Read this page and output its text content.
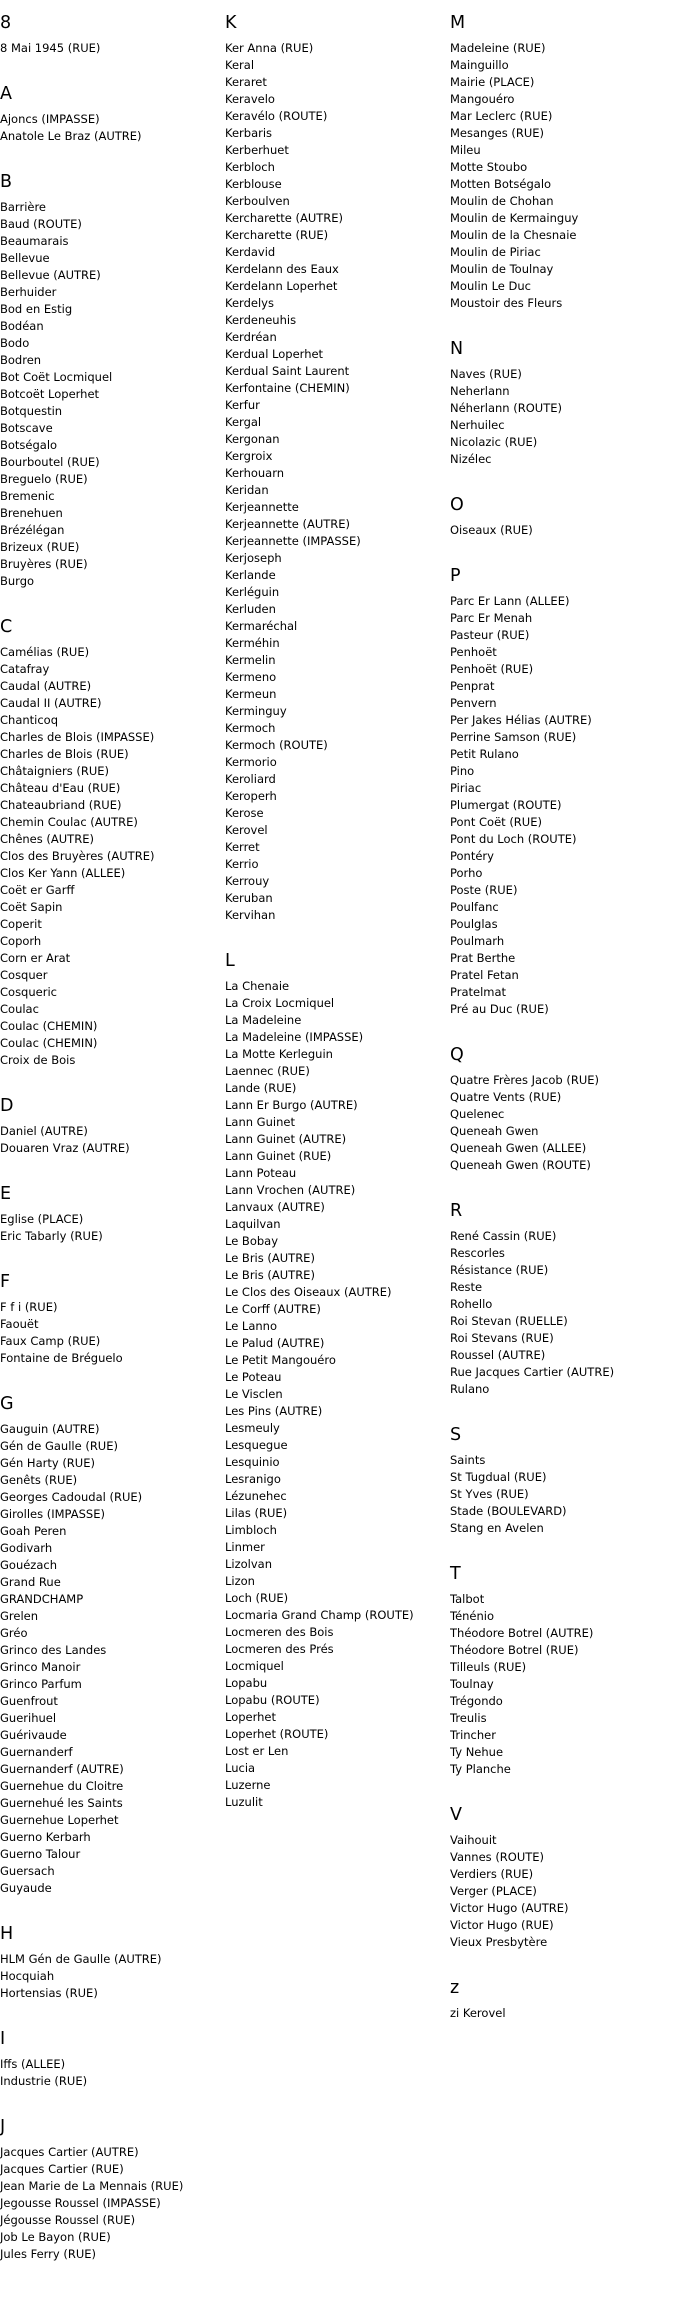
8
8 Mai 1945 (RUE)
A
Ajoncs (IMPASSE)
Anatole Le Braz (AUTRE)
B
Barrière
Baud (ROUTE)
Beaumarais
Bellevue
Bellevue (AUTRE)
Berhuider
Bod en Estig
Bodéan
Bodo
Bodren
Bot Coët Locmiquel
Botcoët Loperhet
Botquestin
Botscave
Botségalo
Bourboutel (RUE)
Breguelo (RUE)
Bremenic
Brenehuen
Brézélégan
Brizeux (RUE)
Bruyères (RUE)
Burgo
C
Camélias (RUE)
Catafray
Caudal (AUTRE)
Caudal II (AUTRE)
Chanticoq
Charles de Blois (IMPASSE)
Charles de Blois (RUE)
Châtaigniers (RUE)
Château d'Eau (RUE)
Chateaubriand (RUE)
Chemin Coulac (AUTRE)
Chênes (AUTRE)
Clos des Bruyères (AUTRE)
Clos Ker Yann (ALLEE)
Coët er Garff
Coët Sapin
Coperit
Coporh
Corn er Arat
Cosquer
Cosqueric
Coulac
Coulac (CHEMIN)
Coulac (CHEMIN)
Croix de Bois
D
Daniel (AUTRE)
Douaren Vraz (AUTRE)
E
Eglise (PLACE)
Eric Tabarly (RUE)
F
F f i (RUE)
Faouët
Faux Camp (RUE)
Fontaine de Bréguelo
G
Gauguin (AUTRE)
Gén de Gaulle (RUE)
Gén Harty (RUE)
Genêts (RUE)
Georges Cadoudal (RUE)
Girolles (IMPASSE)
Goah Peren
Godivarh
Gouézach
Grand Rue
GRANDCHAMP
Grelen
Gréo
Grinco des Landes
Grinco Manoir
Grinco Parfum
Guenfrout
Guerihuel
Guérivaude
Guernanderf
Guernanderf (AUTRE)
Guernehue du Cloitre
Guernehué les Saints
Guernehue Loperhet
Guerno Kerbarh
Guerno Talour
Guersach
Guyaude
H
HLM Gén de Gaulle (AUTRE)
Hocquiah
Hortensias (RUE)
I
Iffs (ALLEE)
Industrie (RUE)
J
Jacques Cartier (AUTRE)
Jacques Cartier (RUE)
Jean Marie de La Mennais (RUE)
Jegousse Roussel (IMPASSE)
Jégousse Roussel (RUE)
Job Le Bayon (RUE)
Jules Ferry (RUE)
K
Ker Anna (RUE)
Keral
Keraret
Keravelo
Keravélo (ROUTE)
Kerbaris
Kerberhuet
Kerbloch
Kerblouse
Kerboulven
Kercharette (AUTRE)
Kercharette (RUE)
Kerdavid
Kerdelann des Eaux
Kerdelann Loperhet
Kerdelys
Kerdeneuhis
Kerdréan
Kerdual Loperhet
Kerdual Saint Laurent
Kerfontaine (CHEMIN)
Kerfur
Kergal
Kergonan
Kergroix
Kerhouarn
Keridan
Kerjeannette
Kerjeannette (AUTRE)
Kerjeannette (IMPASSE)
Kerjoseph
Kerlande
Kerléguin
Kerluden
Kermaréchal
Kerméhin
Kermelin
Kermeno
Kermeun
Kerminguy
Kermoch
Kermoch (ROUTE)
Kermorio
Keroliard
Keroperh
Kerose
Kerovel
Kerret
Kerrio
Kerrouy
Keruban
Kervihan
L
La Chenaie
La Croix Locmiquel
La Madeleine
La Madeleine (IMPASSE)
La Motte Kerleguin
Laennec (RUE)
Lande (RUE)
Lann Er Burgo (AUTRE)
Lann Guinet
Lann Guinet (AUTRE)
Lann Guinet (RUE)
Lann Poteau
Lann Vrochen (AUTRE)
Lanvaux (AUTRE)
Laquilvan
Le Bobay
Le Bris (AUTRE)
Le Bris (AUTRE)
Le Clos des Oiseaux (AUTRE)
Le Corff (AUTRE)
Le Lanno
Le Palud (AUTRE)
Le Petit Mangouéro
Le Poteau
Le Visclen
Les Pins (AUTRE)
Lesmeuly
Lesquegue
Lesquinio
Lesranigo
Lézunehec
Lilas (RUE)
Limbloch
Linmer
Lizolvan
Lizon
Loch (RUE)
Locmaria Grand Champ (ROUTE)
Locmeren des Bois
Locmeren des Prés
Locmiquel
Lopabu
Lopabu (ROUTE)
Loperhet
Loperhet (ROUTE)
Lost er Len
Lucia
Luzerne
Luzulit
M
Madeleine (RUE)
Mainguillo
Mairie (PLACE)
Mangouéro
Mar Leclerc (RUE)
Mesanges (RUE)
Mileu
Motte Stoubo
Motten Botségalo
Moulin de Chohan
Moulin de Kermainguy
Moulin de la Chesnaie
Moulin de Piriac
Moulin de Toulnay
Moulin Le Duc
Moustoir des Fleurs
N
Naves (RUE)
Neherlann
Néherlann (ROUTE)
Nerhuilec
Nicolazic (RUE)
Nizélec
O
Oiseaux (RUE)
P
Parc Er Lann (ALLEE)
Parc Er Menah
Pasteur (RUE)
Penhoët
Penhoët (RUE)
Penprat
Penvern
Per Jakes Hélias (AUTRE)
Perrine Samson (RUE)
Petit Rulano
Pino
Piriac
Plumergat (ROUTE)
Pont Coët (RUE)
Pont du Loch (ROUTE)
Pontéry
Porho
Poste (RUE)
Poulfanc
Poulglas
Poulmarh
Prat Berthe
Pratel Fetan
Pratelmat
Pré au Duc (RUE)
Q
Quatre Frères Jacob (RUE)
Quatre Vents (RUE)
Quelenec
Queneah Gwen
Queneah Gwen (ALLEE)
Queneah Gwen (ROUTE)
R
René Cassin (RUE)
Rescorles
Résistance (RUE)
Reste
Rohello
Roi Stevan (RUELLE)
Roi Stevans (RUE)
Roussel (AUTRE)
Rue Jacques Cartier (AUTRE)
Rulano
S
Saints
St Tugdual (RUE)
St Yves (RUE)
Stade (BOULEVARD)
Stang en Avelen
T
Talbot
Ténénio
Théodore Botrel (AUTRE)
Théodore Botrel (RUE)
Tilleuls (RUE)
Toulnay
Trégondo
Treulis
Trincher
Ty Nehue
Ty Planche
V
Vaihouit
Vannes (ROUTE)
Verdiers (RUE)
Verger (PLACE)
Victor Hugo (AUTRE)
Victor Hugo (RUE)
Vieux Presbytère
z
zi Kerovel
